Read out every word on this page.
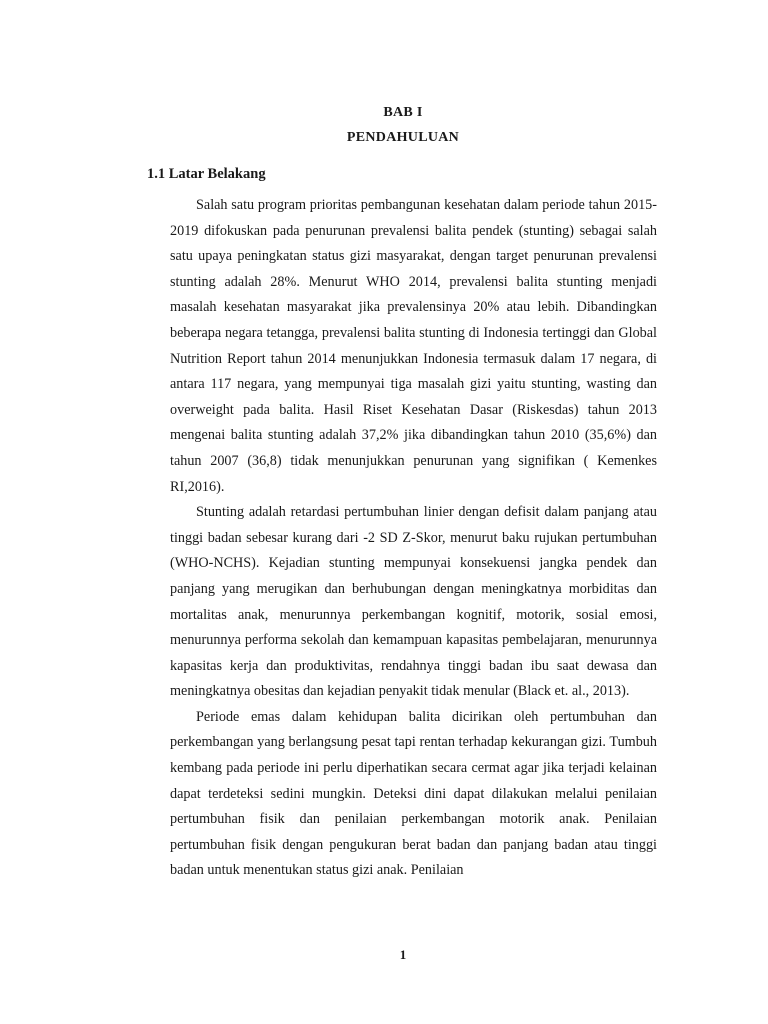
BAB I
PENDAHULUAN
1.1 Latar Belakang

Salah satu program prioritas pembangunan kesehatan dalam periode tahun 2015-2019 difokuskan pada penurunan prevalensi balita pendek (stunting) sebagai salah satu upaya peningkatan status gizi masyarakat, dengan target penurunan prevalensi stunting adalah 28%. Menurut WHO 2014, prevalensi balita stunting menjadi masalah kesehatan masyarakat jika prevalensinya 20% atau lebih. Dibandingkan beberapa negara tetangga, prevalensi balita stunting di Indonesia tertinggi dan Global Nutrition Report tahun 2014 menunjukkan Indonesia termasuk dalam 17 negara, di antara 117 negara, yang mempunyai tiga masalah gizi yaitu stunting, wasting dan overweight pada balita. Hasil Riset Kesehatan Dasar (Riskesdas) tahun 2013 mengenai balita stunting adalah 37,2% jika dibandingkan tahun 2010 (35,6%) dan tahun 2007 (36,8) tidak menunjukkan penurunan yang signifikan ( Kemenkes RI,2016).

Stunting adalah retardasi pertumbuhan linier dengan defisit dalam panjang atau tinggi badan sebesar kurang dari -2 SD Z-Skor, menurut baku rujukan pertumbuhan (WHO-NCHS). Kejadian stunting mempunyai konsekuensi jangka pendek dan panjang yang merugikan dan berhubungan dengan meningkatnya morbiditas dan mortalitas anak, menurunnya perkembangan kognitif, motorik, sosial emosi, menurunnya performa sekolah dan kemampuan kapasitas pembelajaran, menurunnya kapasitas kerja dan produktivitas, rendahnya tinggi badan ibu saat dewasa dan meningkatnya obesitas dan kejadian penyakit tidak menular (Black et. al., 2013).

Periode emas dalam kehidupan balita dicirikan oleh pertumbuhan dan perkembangan yang berlangsung pesat tapi rentan terhadap kekurangan gizi. Tumbuh kembang pada periode ini perlu diperhatikan secara cermat agar jika terjadi kelainan dapat terdeteksi sedini mungkin. Deteksi dini dapat dilakukan melalui penilaian pertumbuhan fisik dan penilaian perkembangan motorik anak. Penilaian pertumbuhan fisik dengan pengukuran berat badan dan panjang badan atau tinggi badan untuk menentukan status gizi anak. Penilaian

1
